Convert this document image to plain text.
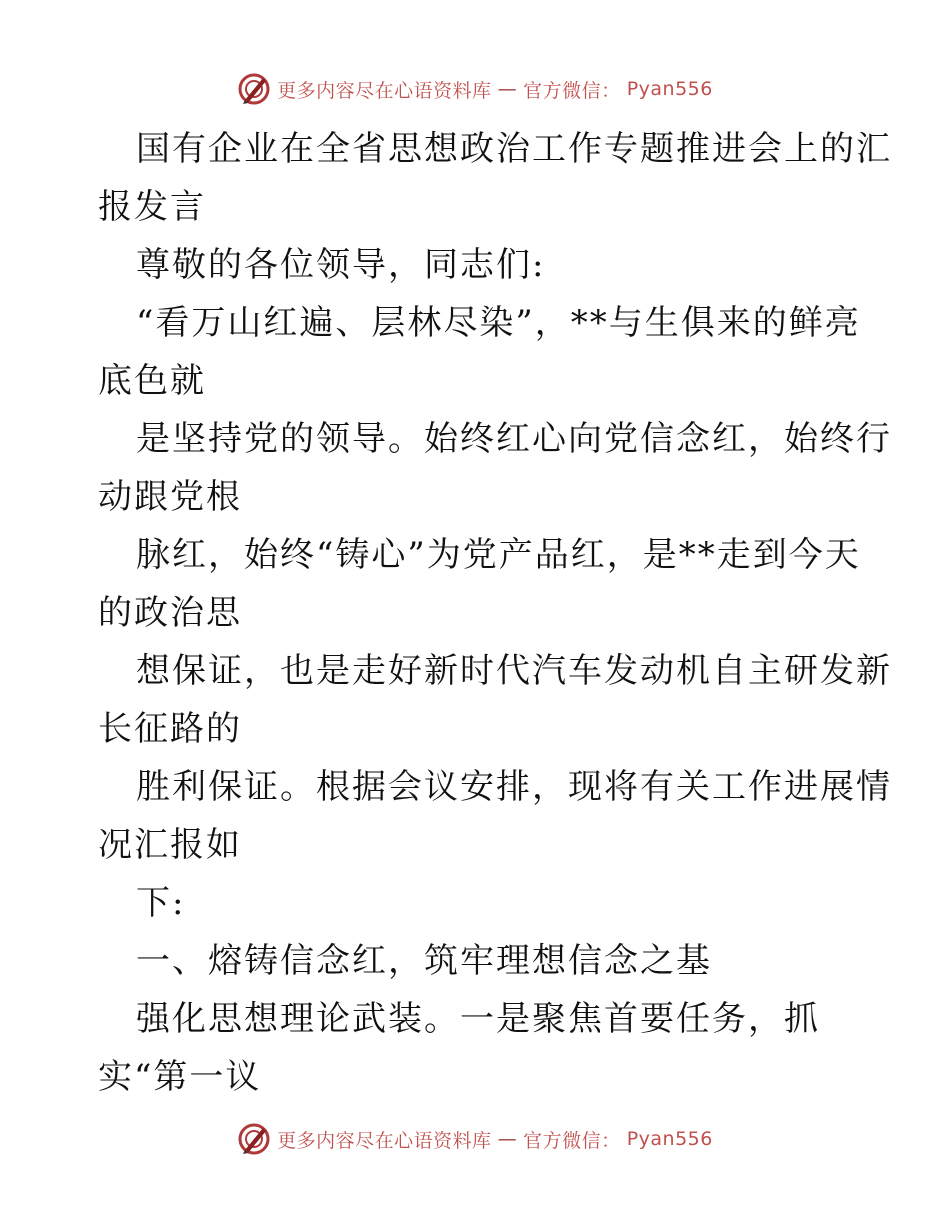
更多内容尽在心语资料库 — 官方微信： Pyan556
国有企业在全省思想政治工作专题推进会上的汇
报发言
尊敬的各位领导，同志们:
“看万山红遍、层林尽染”，**与生俱来的鲜亮
底色就
是坚持党的领导。始终红心向党信念红，始终行
动跟党根
脉红，始终“铸心”为党产品红，是**走到今天
的政治思
想保证，也是走好新时代汽车发动机自主研发新
长征路的
胜利保证。根据会议安排，现将有关工作进展情
况汇报如
下:
一、熔铸信念红，筑牢理想信念之基
强化思想理论武装。一是聚焦首要任务，抓
实“第一议
更多内容尽在心语资料库 — 官方微信： Pyan556
